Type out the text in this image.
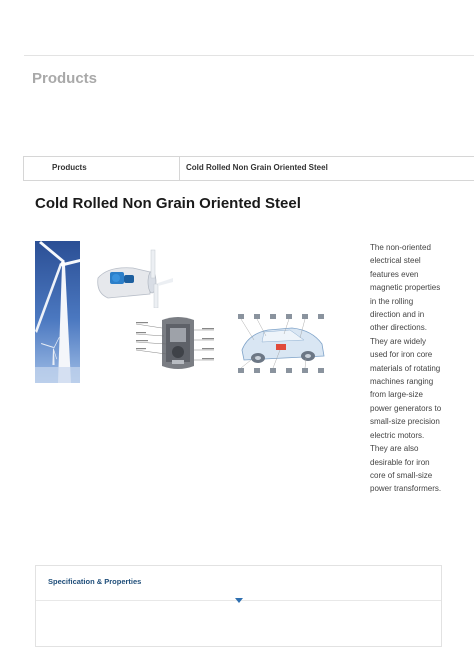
Products
Products	Cold Rolled Non Grain Oriented Steel
Cold Rolled Non Grain Oriented Steel
The non-oriented electrical steel features even magnetic properties in the rolling direction and in other directions. They are widely used for iron core materials of rotating machines ranging from large-size power generators to small-size precision electric motors. They are also desirable for iron core of small-size power transformers.
Specification & Properties
